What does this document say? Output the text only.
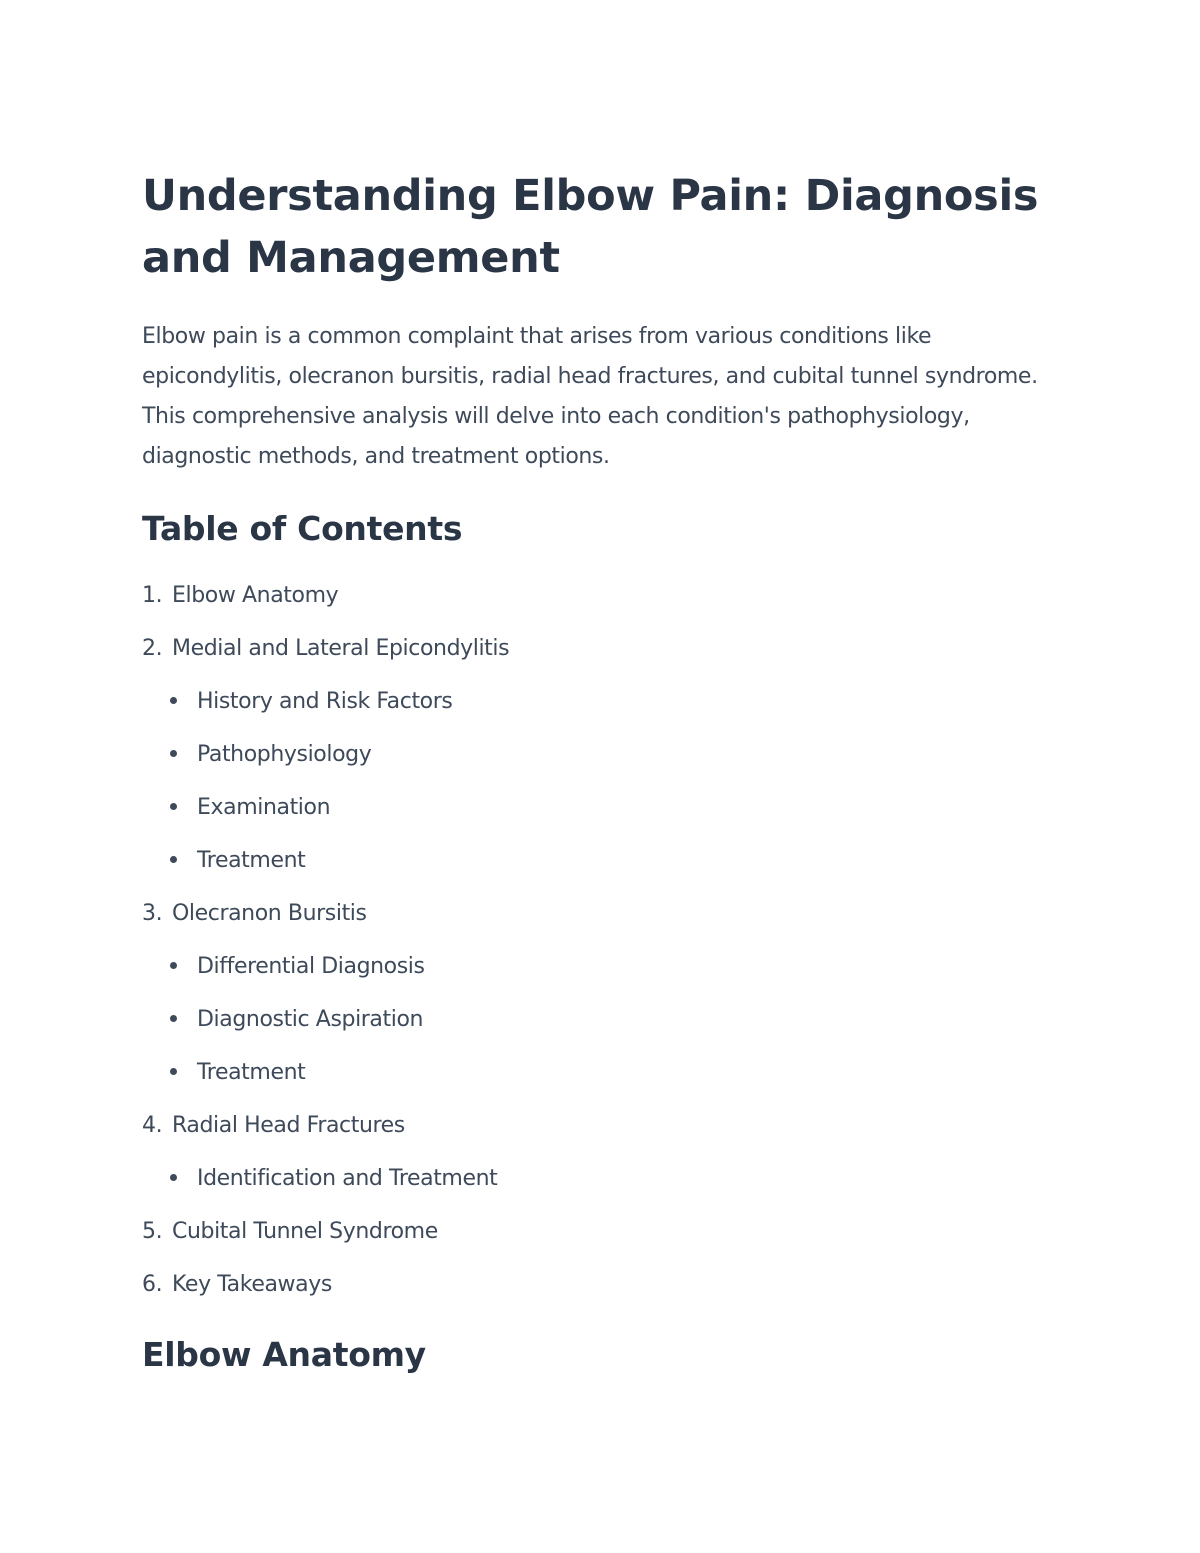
Understanding Elbow Pain: Diagnosis and Management

Elbow pain is a common complaint that arises from various conditions like epicondylitis, olecranon bursitis, radial head fractures, and cubital tunnel syndrome. This comprehensive analysis will delve into each condition's pathophysiology, diagnostic methods, and treatment options.

Table of Contents
1. Elbow Anatomy
2. Medial and Lateral Epicondylitis
History and Risk Factors
Pathophysiology
Examination
Treatment
3. Olecranon Bursitis
Differential Diagnosis
Diagnostic Aspiration
Treatment
4. Radial Head Fractures
Identification and Treatment
5. Cubital Tunnel Syndrome
6. Key Takeaways
Elbow Anatomy
